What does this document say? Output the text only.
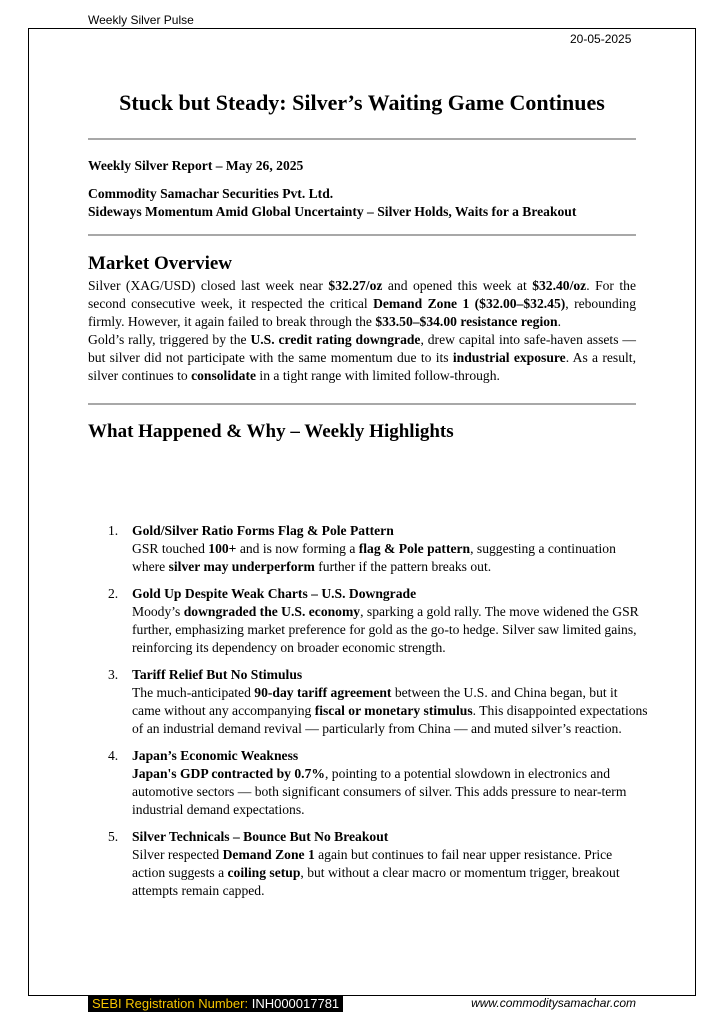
Weekly Silver Pulse
20-05-2025
Stuck but Steady: Silver’s Waiting Game Continues
Weekly Silver Report – May 26, 2025
Commodity Samachar Securities Pvt. Ltd.
Sideways Momentum Amid Global Uncertainty – Silver Holds, Waits for a Breakout
Market Overview

Silver (XAG/USD) closed last week near $32.27/oz and opened this week at $32.40/oz. For the second consecutive week, it respected the critical Demand Zone 1 ($32.00–$32.45), rebounding firmly. However, it again failed to break through the $33.50–$34.00 resistance region.

Gold’s rally, triggered by the U.S. credit rating downgrade, drew capital into safe-haven assets — but silver did not participate with the same momentum due to its industrial exposure. As a result, silver continues to consolidate in a tight range with limited follow-through.

What Happened & Why – Weekly Highlights
1. Gold/Silver Ratio Forms Flag & Pole Pattern
GSR touched 100+ and is now forming a flag & Pole pattern, suggesting a continuation where silver may underperform further if the pattern breaks out.
2. Gold Up Despite Weak Charts – U.S. Downgrade
Moody’s downgraded the U.S. economy, sparking a gold rally. The move widened the GSR further, emphasizing market preference for gold as the go-to hedge. Silver saw limited gains, reinforcing its dependency on broader economic strength.
3. Tariff Relief But No Stimulus
The much-anticipated 90-day tariff agreement between the U.S. and China began, but it came without any accompanying fiscal or monetary stimulus. This disappointed expectations of an industrial demand revival — particularly from China — and muted silver’s reaction.
4. Japan’s Economic Weakness
Japan's GDP contracted by 0.7%, pointing to a potential slowdown in electronics and automotive sectors — both significant consumers of silver. This adds pressure to near-term industrial demand expectations.
5. Silver Technicals – Bounce But No Breakout
Silver respected Demand Zone 1 again but continues to fail near upper resistance. Price action suggests a coiling setup, but without a clear macro or momentum trigger, breakout attempts remain capped.
SEBI Registration Number: INH000017781	www.commoditysamachar.com
